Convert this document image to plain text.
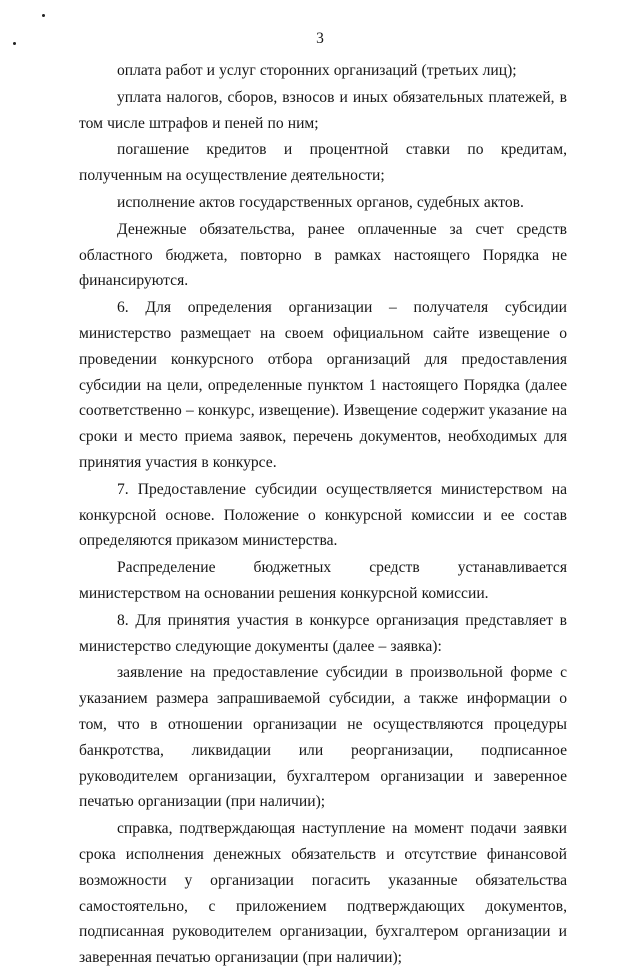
3

оплата работ и услуг сторонних организаций (третьих лиц);

уплата налогов, сборов, взносов и иных обязательных платежей, в том числе штрафов и пеней по ним;

погашение кредитов и процентной ставки по кредитам, полученным на осуществление деятельности;

исполнение актов государственных органов, судебных актов.

Денежные обязательства, ранее оплаченные за счет средств областного бюджета, повторно в рамках настоящего Порядка не финансируются.

6. Для определения организации – получателя субсидии министерство размещает на своем официальном сайте извещение о проведении конкурсного отбора организаций для предоставления субсидии на цели, определенные пунктом 1 настоящего Порядка (далее соответственно – конкурс, извещение). Извещение содержит указание на сроки и место приема заявок, перечень документов, необходимых для принятия участия в конкурсе.

7. Предоставление субсидии осуществляется министерством на конкурсной основе. Положение о конкурсной комиссии и ее состав определяются приказом министерства.

Распределение бюджетных средств устанавливается министерством на основании решения конкурсной комиссии.

8. Для принятия участия в конкурсе организация представляет в министерство следующие документы (далее – заявка):

заявление на предоставление субсидии в произвольной форме с указанием размера запрашиваемой субсидии, а также информации о том, что в отношении организации не осуществляются процедуры банкротства, ликвидации или реорганизации, подписанное руководителем организации, бухгалтером организации и заверенное печатью организации (при наличии);

справка, подтверждающая наступление на момент подачи заявки срока исполнения денежных обязательств и отсутствие финансовой возможности у организации погасить указанные обязательства самостоятельно, с приложением подтверждающих документов, подписанная руководителем организации, бухгалтером организации и заверенная печатью организации (при наличии);
